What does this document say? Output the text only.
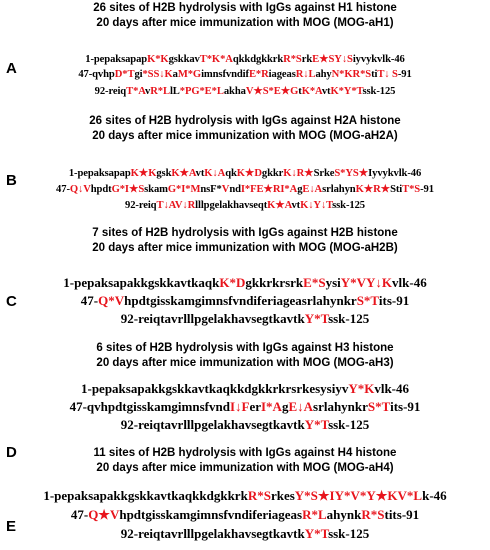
26 sites of H2B hydrolysis with IgGs against H1 histone
20 days after mice immunization with MOG (MOG-aH1)
A
1-pepaksapapK*KgskkavT*K*AqkkdgkkrkR*SrkE★SY↓Siyvykvlk-46
47-qvhpD*Tgi*SS↓KaM*GimnsfvndifE*RiageasR↓LahyN*KR*StiT↓ S-91
92-reiqT*AvR*LlL*PG*E*LakhaV★S*E★GtK*AvtK*Y*Tssk-125
26 sites of H2B hydrolysis with IgGs against H2A histone
20 days after mice immunization with MOG (MOG-aH2A)
B	1-pepaksapapK★KgskK★AvtK↓AqkK★DgkkrK↓R★SrkeS*YS★Iyvykvlk-46
47-Q↓VhpdtG*I★SskamG*I*MnsF*VndI*FE★RI*AgE↓AsrlahynK★R★StiT*S-91
92-reiqT↓AV↓RlllpgelakhavseqtK★AvtK↓Y↓Tssk-125
7 sites of H2B hydrolysis with IgGs against H2B histone
20 days after mice immunization with MOG (MOG-aH2B)
C
1-pepaksapakkgskkavtkaqkK*DgkkrkrsrkE*SysiY*VY↓Kvlk-46
47-Q*VhpdtgisskamgimnsfvndiferiageasrlahynkrS*Tits-91
92-reiqtavrlllpgelakhavsegtkavtkY*Tssk-125
6 sites of H2B hydrolysis with IgGs against H3 histone
20 days after mice immunization with MOG (MOG-aH3)
D
1-pepaksapakkgskkavtkaqkkdgkkrkrsrkesysiyvY*Kvlk-46
47-qvhpdtgisskamgimnsfvndI↓FerI*AgE↓AsrlahynkrS*Tits-91
92-reiqtavrlllpgelakhavsegtkavtkY*Tssk-125
11 sites of H2B hydrolysis with IgGs against H4 histone
20 days after mice immunization with MOG (MOG-aH4)
E
1-pepaksapakkgskkavtkaqkkdgkkrkR*SrkesY*S★IY*V*Y★KV*Lk-46
47-Q★VhpdtgisskamgimnsfvndiferiageasR*LahynkR*Stits-91
92-reiqtavrlllpgelakhavsegtkavtkY*Tssk-125
